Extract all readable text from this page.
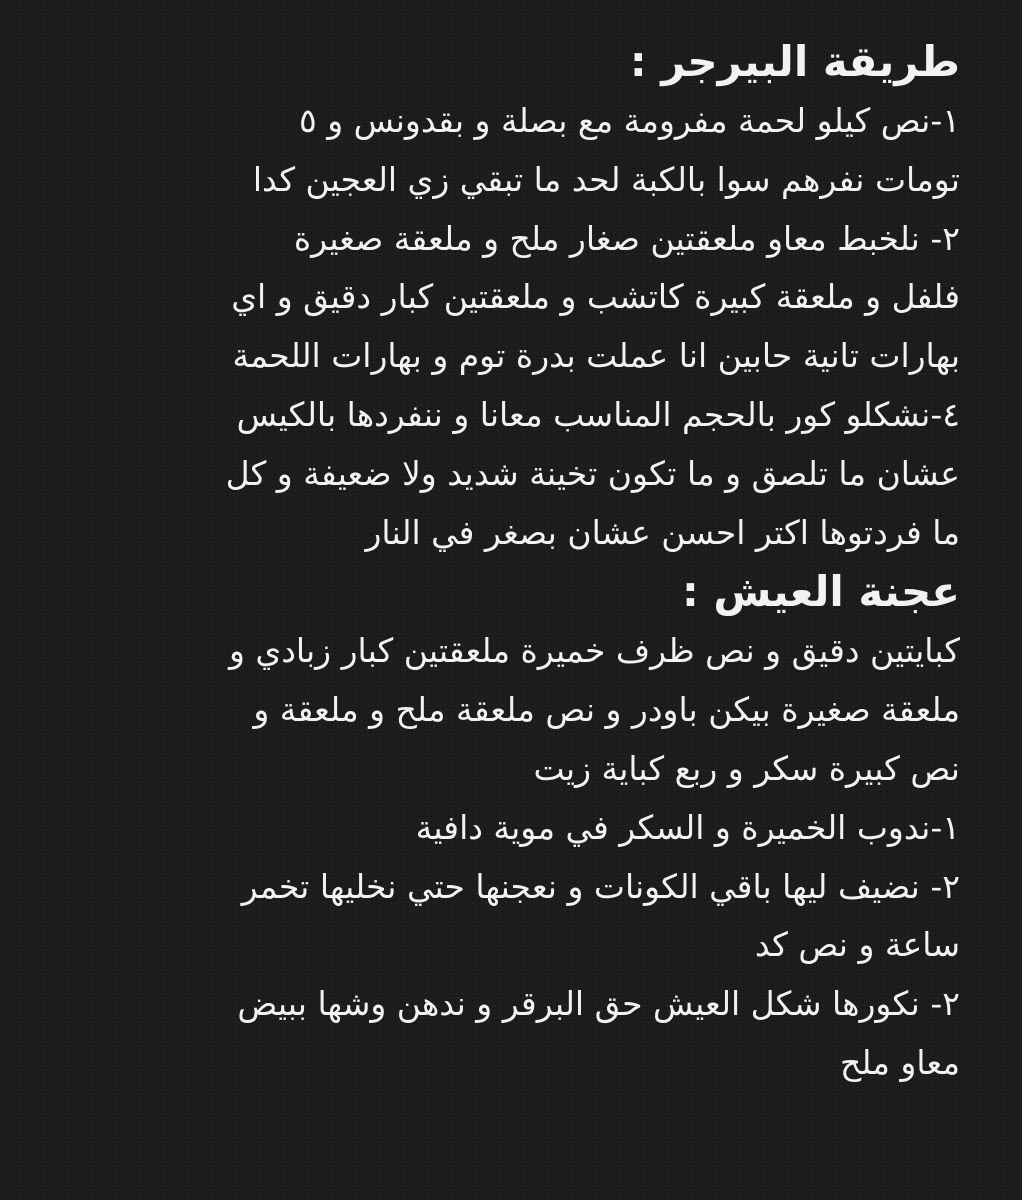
طريقة البيرجر :
١-نص كيلو لحمة مفرومة مع بصلة و بقدونس و ٥
تومات نفرهم سوا بالكبة لحد ما تبقي زي العجين كدا
٢- نلخبط معاو ملعقتين صغار ملح و ملعقة صغيرة
فلفل و ملعقة كبيرة كاتشب و ملعقتين كبار دقيق و اي
بهارات تانية حابين انا عملت بدرة توم و بهارات اللحمة
٤-نشكلو كور بالحجم المناسب معانا و ننفردها بالكيس
عشان ما تلصق و ما تكون تخينة شديد ولا ضعيفة و كل
ما فردتوها اكتر احسن عشان بصغر في النار
عجنة العيش :
كبايتين دقيق و نص ظرف خميرة ملعقتين كبار زبادي و
ملعقة صغيرة بيكن باودر و نص ملعقة ملح و ملعقة و
نص كبيرة سكر و ربع كباية زيت
١-ندوب الخميرة و السكر في موية دافية
٢- نضيف ليها باقي الكونات و نعجنها حتي نخليها تخمر
ساعة و نص كد
٢- نكورها شكل العيش حق البرقر و ندهن وشها ببيض
معاو ملح
